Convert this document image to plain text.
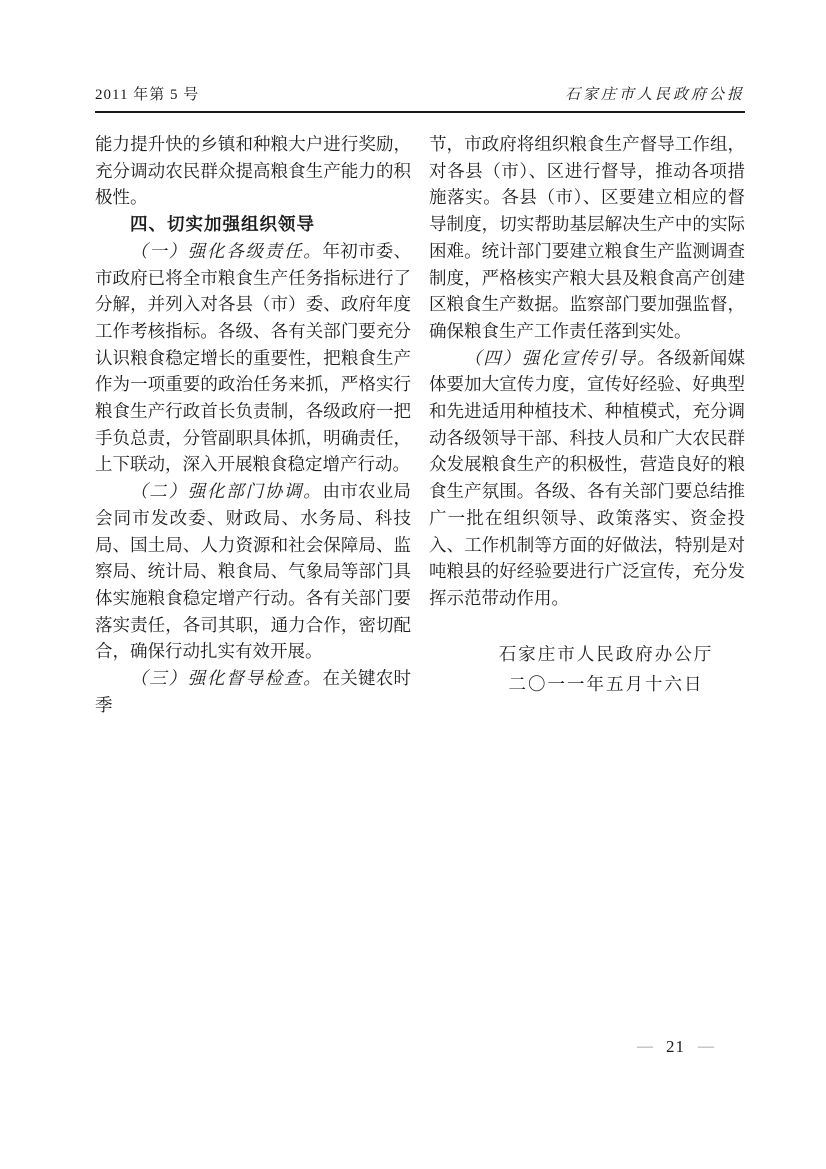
2011 年第 5 号	石家庄市人民政府公报

能力提升快的乡镇和种粮大户进行奖励，充分调动农民群众提高粮食生产能力的积极性。

四、切实加强组织领导

（一）强化各级责任。年初市委、市政府已将全市粮食生产任务指标进行了分解，并列入对各县（市）委、政府年度工作考核指标。各级、各有关部门要充分认识粮食稳定增长的重要性，把粮食生产作为一项重要的政治任务来抓，严格实行粮食生产行政首长负责制，各级政府一把手负总责，分管副职具体抓，明确责任，上下联动，深入开展粮食稳定增产行动。

（二）强化部门协调。由市农业局会同市发改委、财政局、水务局、科技局、国土局、人力资源和社会保障局、监察局、统计局、粮食局、气象局等部门具体实施粮食稳定增产行动。各有关部门要落实责任，各司其职，通力合作，密切配合，确保行动扎实有效开展。

（三）强化督导检查。在关键农时季

节，市政府将组织粮食生产督导工作组，对各县（市）、区进行督导，推动各项措施落实。各县（市）、区要建立相应的督导制度，切实帮助基层解决生产中的实际困难。统计部门要建立粮食生产监测调查制度，严格核实产粮大县及粮食高产创建区粮食生产数据。监察部门要加强监督，确保粮食生产工作责任落到实处。

（四）强化宣传引导。各级新闻媒体要加大宣传力度，宣传好经验、好典型和先进适用种植技术、种植模式，充分调动各级领导干部、科技人员和广大农民群众发展粮食生产的积极性，营造良好的粮食生产氛围。各级、各有关部门要总结推广一批在组织领导、政策落实、资金投入、工作机制等方面的好做法，特别是对吨粮县的好经验要进行广泛宣传，充分发挥示范带动作用。

石家庄市人民政府办公厅

二〇一一年五月十六日

— 21 —
